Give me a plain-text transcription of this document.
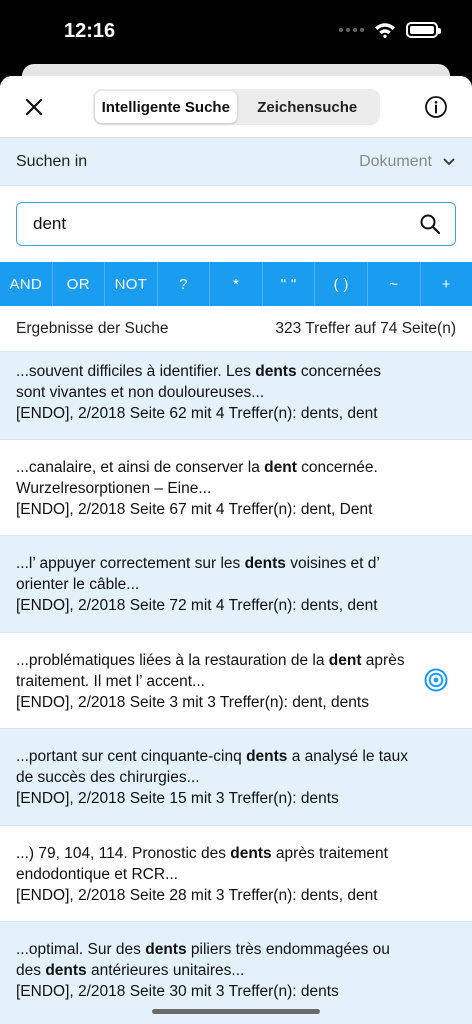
12:16
Intelligente Suche	Zeichensuche
Suchen in	Dokument
dent
AND	OR	NOT	?	*	" "	( )	~	+
Ergebnisse der Suche	323 Treffer auf 74 Seite(n)
...souvent difficiles à identifier. Les dents concernées sont vivantes et non douloureuses...
[ENDO], 2/2018 Seite 62 mit 4 Treffer(n): dents, dent
...canalaire, et ainsi de conserver la dent concernée. Wurzelresorptionen – Eine...
[ENDO], 2/2018 Seite 67 mit 4 Treffer(n): dent, Dent
...l’ appuyer correctement sur les dents voisines et d’ orienter le câble...
[ENDO], 2/2018 Seite 72 mit 4 Treffer(n): dents, dent
...problématiques liées à la restauration de la dent après traitement. Il met l’ accent...
[ENDO], 2/2018 Seite 3 mit 3 Treffer(n): dent, dents
...portant sur cent cinquante-cinq dents a analysé le taux de succès des chirurgies...
[ENDO], 2/2018 Seite 15 mit 3 Treffer(n): dents
...) 79, 104, 114. Pronostic des dents après traitement endodontique et RCR...
[ENDO], 2/2018 Seite 28 mit 3 Treffer(n): dents, dent
...optimal. Sur des dents piliers très endommagées ou des dents antérieures unitaires...
[ENDO], 2/2018 Seite 30 mit 3 Treffer(n): dents
